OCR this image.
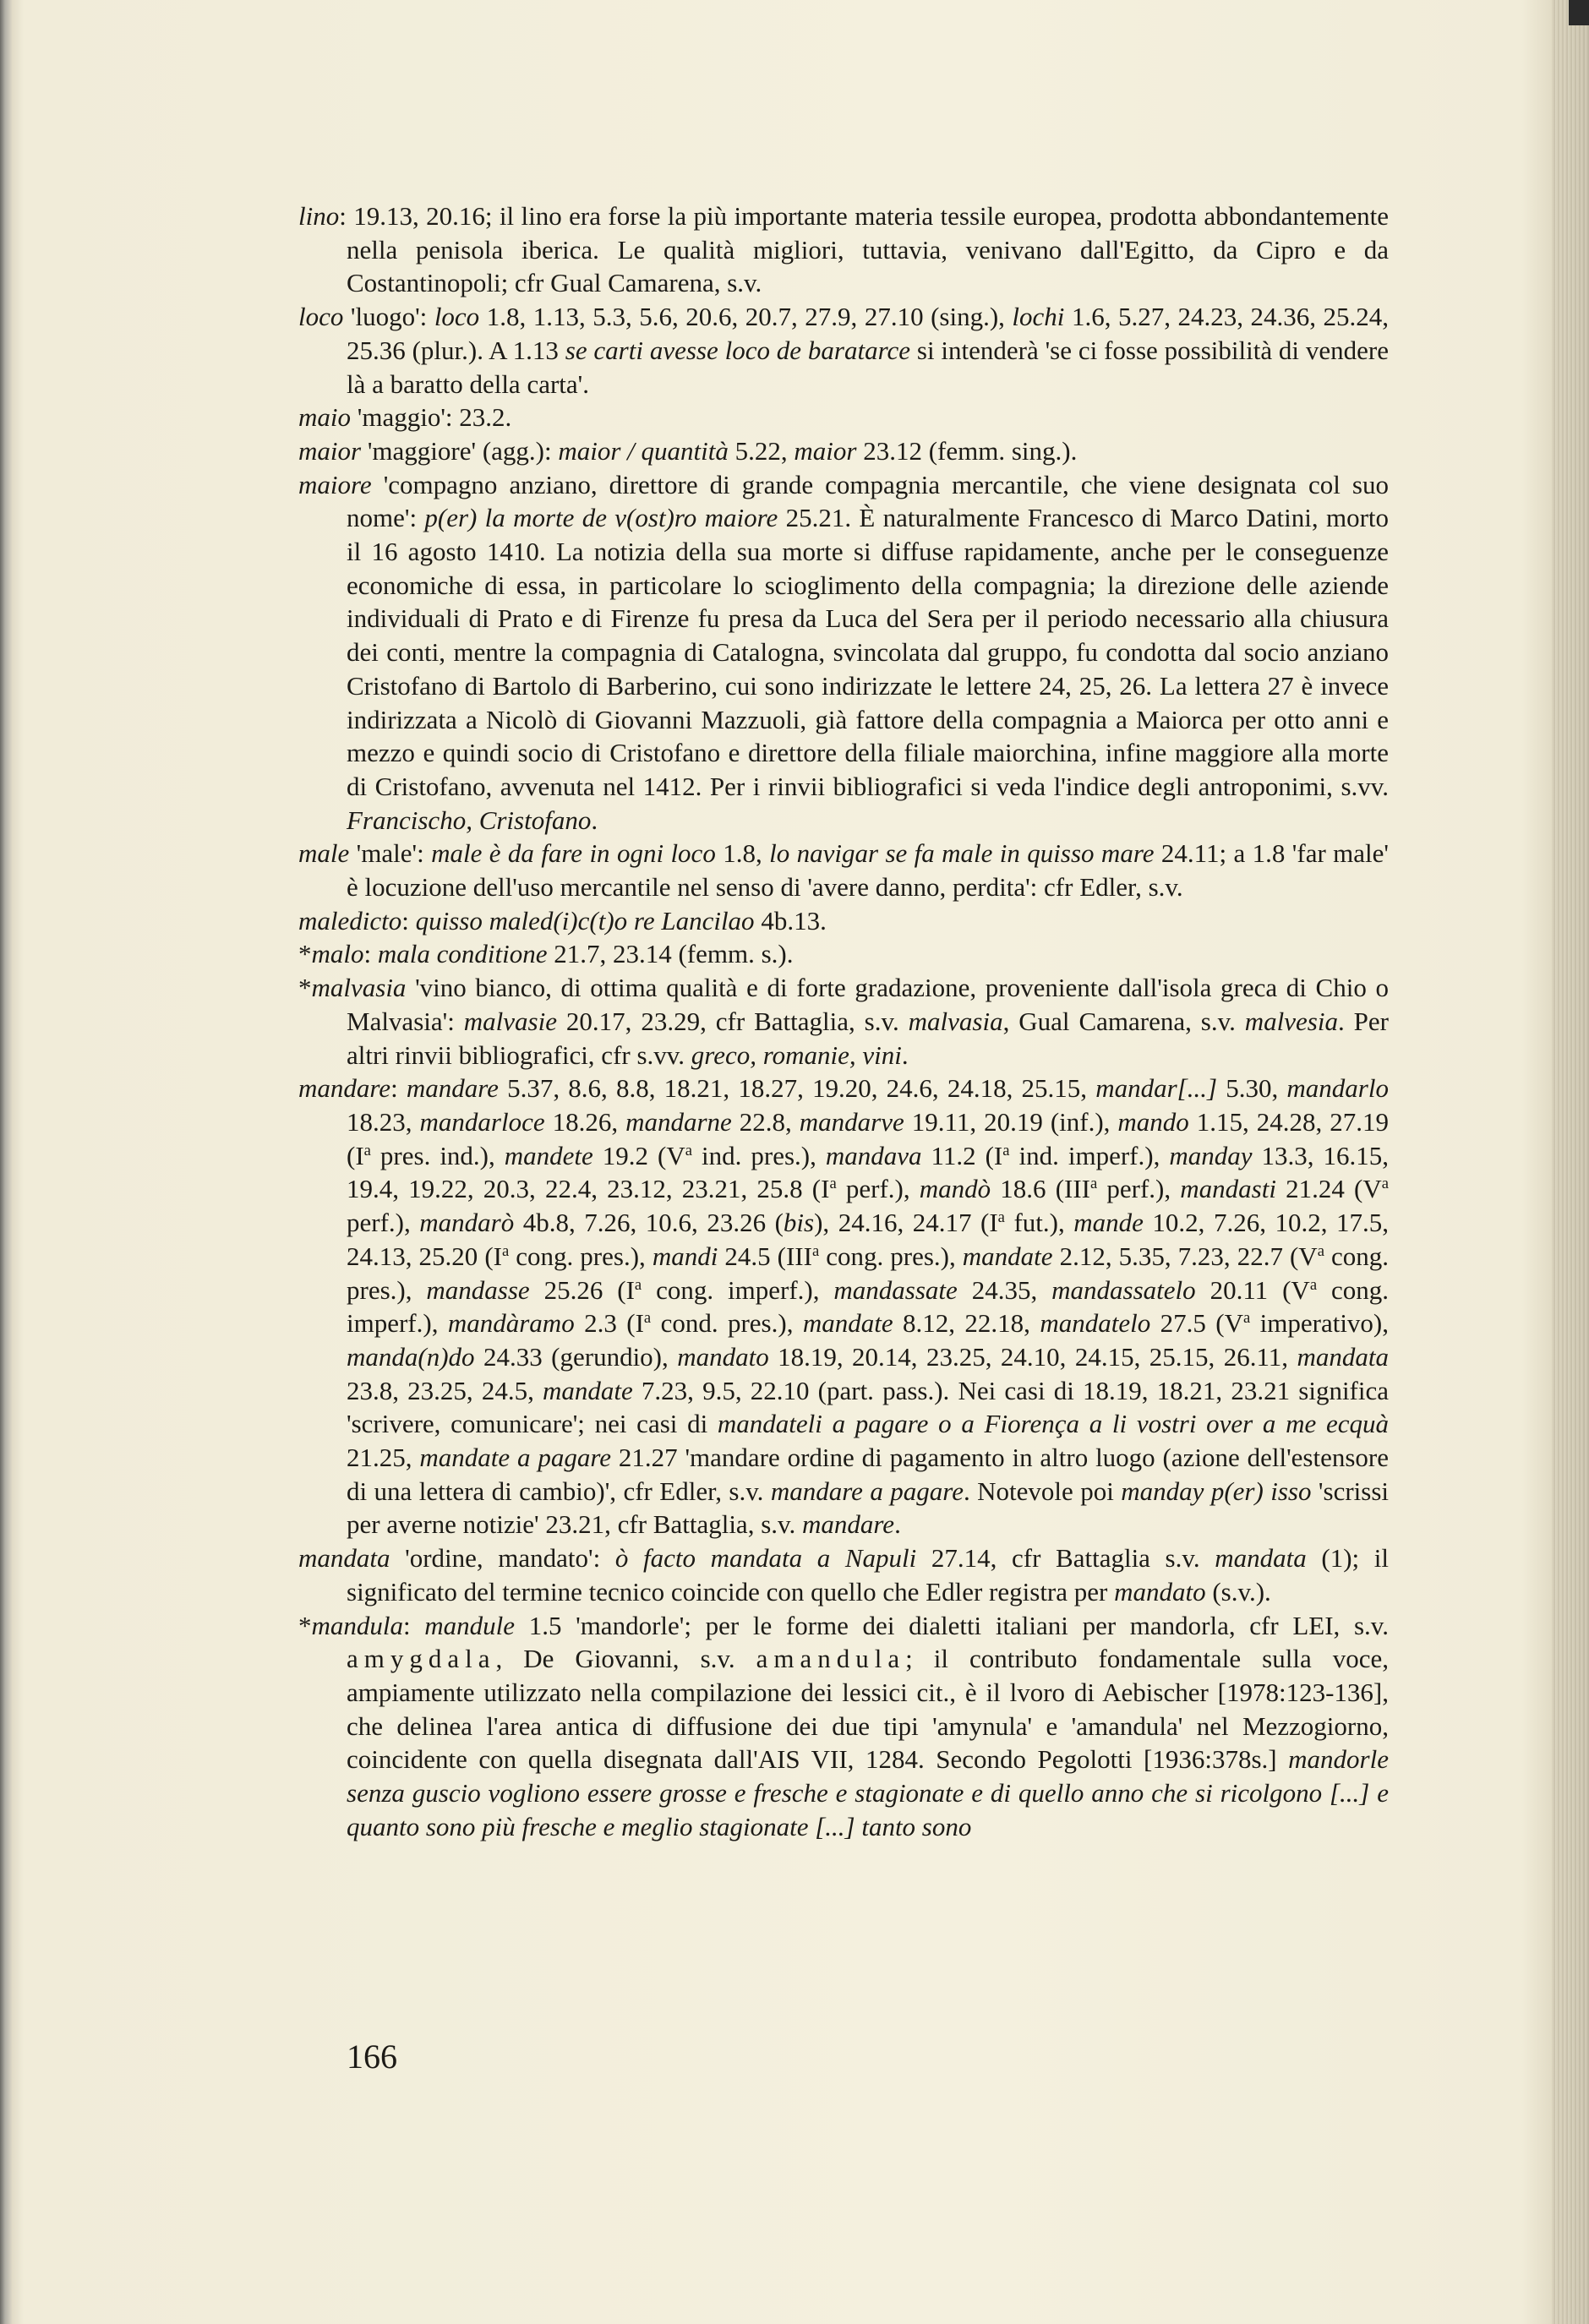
lino: 19.13, 20.16; il lino era forse la più importante materia tessile europea, prodotta abbondantemente nella penisola iberica. Le qualità migliori, tuttavia, venivano dall'Egitto, da Cipro e da Costantinopoli; cfr Gual Camarena, s.v.

loco 'luogo': loco 1.8, 1.13, 5.3, 5.6, 20.6, 20.7, 27.9, 27.10 (sing.), lochi 1.6, 5.27, 24.23, 24.36, 25.24, 25.36 (plur.). A 1.13 se carti avesse loco de baratarce si intenderà 'se ci fosse possibilità di vendere là a baratto della carta'.

maio 'maggio': 23.2.

maior 'maggiore' (agg.): maior / quantità 5.22, maior 23.12 (femm. sing.).

maiore 'compagno anziano, direttore di grande compagnia mercantile, che viene designata col suo nome': p(er) la morte de v(ost)ro maiore 25.21. È naturalmente Francesco di Marco Datini, morto il 16 agosto 1410. La notizia della sua morte si diffuse rapidamente, anche per le conseguenze economiche di essa, in particolare lo scioglimento della compagnia; la direzione delle aziende individuali di Prato e di Firenze fu presa da Luca del Sera per il periodo necessario alla chiusura dei conti, mentre la compagnia di Catalogna, svincolata dal gruppo, fu condotta dal socio anziano Cristofano di Bartolo di Barberino, cui sono indirizzate le lettere 24, 25, 26. La lettera 27 è invece indirizzata a Nicolò di Giovanni Mazzuoli, già fattore della compagnia a Maiorca per otto anni e mezzo e quindi socio di Cristofano e direttore della filiale maiorchina, infine maggiore alla morte di Cristofano, avvenuta nel 1412. Per i rinvii bibliografici si veda l'indice degli antroponimi, s.vv. Francischo, Cristofano.

male 'male': male è da fare in ogni loco 1.8, lo navigar se fa male in quisso mare 24.11; a 1.8 'far male' è locuzione dell'uso mercantile nel senso di 'avere danno, perdita': cfr Edler, s.v.

maledicto: quisso maled(i)c(t)o re Lancilao 4b.13.

*malo: mala conditione 21.7, 23.14 (femm. s.).

*malvasia 'vino bianco, di ottima qualità e di forte gradazione, proveniente dall'isola greca di Chio o Malvasia': malvasie 20.17, 23.29, cfr Battaglia, s.v. malvasia, Gual Camarena, s.v. malvesia. Per altri rinvii bibliografici, cfr s.vv. greco, romanie, vini.

mandare: mandare 5.37, 8.6, 8.8, 18.21, 18.27, 19.20, 24.6, 24.18, 25.15, mandar[...] 5.30, mandarlo 18.23, mandarloce 18.26, mandarne 22.8, mandarve 19.11, 20.19 (inf.), mando 1.15, 24.28, 27.19 ($I^a$ pres. ind.), mandete 19.2 ($V^a$ ind. pres.), mandava 11.2 ($I^a$ ind. imperf.), manday 13.3, 16.15, 19.4, 19.22, 20.3, 22.4, 23.12, 23.21, 25.8 ($I^a$ perf.), mandò 18.6 (III$^a$ perf.), mandasti 21.24 ($V^a$ perf.), mandarò 4b.8, 7.26, 10.6, 23.26 (bis), 24.16, 24.17 ($I^a$ fut.), mande 10.2, 7.26, 10.2, 17.5, 24.13, 25.20 ($I^a$ cong. pres.), mandi 24.5 (III$^a$ cong. pres.), mandate 2.12, 5.35, 7.23, 22.7 ($V^a$ cong. pres.), mandasse 25.26 ($I^a$ cong. imperf.), mandassate 24.35, mandassatelo 20.11 ($V^a$ cong. imperf.), mandàramo 2.3 ($I^a$ cond. pres.), mandate 8.12, 22.18, mandatelo 27.5 ($V^a$ imperativo), manda(n)do 24.33 (gerundio), mandato 18.19, 20.14, 23.25, 24.10, 24.15, 25.15, 26.11, mandata 23.8, 23.25, 24.5, mandate 7.23, 9.5, 22.10 (part. pass.). Nei casi di 18.19, 18.21, 23.21 significa 'scrivere, comunicare'; nei casi di mandateli a pagare o a Fiorença a li vostri over a me ecquà 21.25, mandate a pagare 21.27 'mandare ordine di pagamento in altro luogo (azione dell'estensore di una lettera di cambio)', cfr Edler, s.v. mandare a pagare. Notevole poi manday p(er) isso 'scrissi per averne notizie' 23.21, cfr Battaglia, s.v. mandare.

mandata 'ordine, mandato': ò facto mandata a Napuli 27.14, cfr Battaglia s.v. mandata (1); il significato del termine tecnico coincide con quello che Edler registra per mandato (s.v.).

*mandula: mandule 1.5 'mandorle'; per le forme dei dialetti italiani per mandorla, cfr LEI, s.v. amygdala, De Giovanni, s.v. amandula; il contributo fondamentale sulla voce, ampiamente utilizzato nella compilazione dei lessici cit., è il lvoro di Aebischer [1978:123-136], che delinea l'area antica di diffusione dei due tipi 'amynula' e 'amandula' nel Mezzogiorno, coincidente con quella disegnata dall'AIS VII, 1284. Secondo Pegolotti [1936:378s.] mandorle senza guscio vogliono essere grosse e fresche e stagionate e di quello anno che si ricolgono [...] e quanto sono più fresche e meglio stagionate [...] tanto sono

166
